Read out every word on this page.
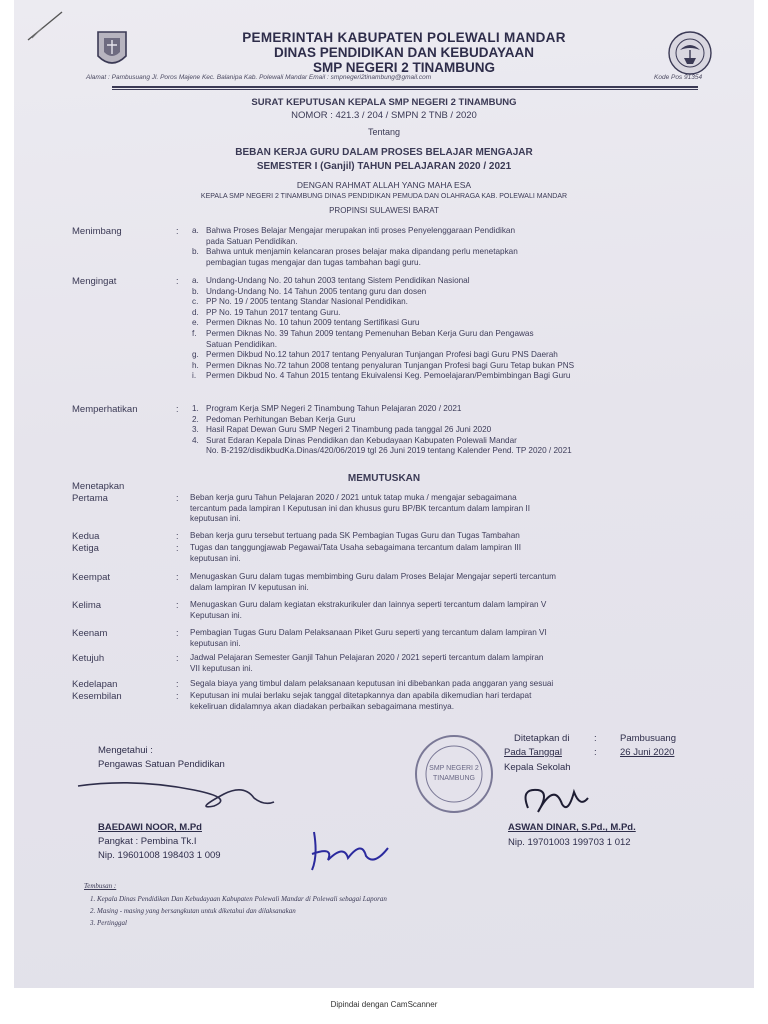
PEMERINTAH KABUPATEN POLEWALI MANDAR
DINAS PENDIDIKAN DAN KEBUDAYAAN
SMP NEGERI 2 TINAMBUNG
Alamat : Pambusuang Jl. Poros Majene Kec. Balanipa Kab. Polewali Mandar Email : smpnegeri2tinambung@gmail.com	Kode Pos 91354
SURAT KEPUTUSAN KEPALA SMP NEGERI 2 TINAMBUNG
NOMOR : 421.3 / 204 / SMPN 2 TNB / 2020
Tentang
BEBAN KERJA GURU DALAM PROSES BELAJAR MENGAJAR
SEMESTER I (Ganjil) TAHUN PELAJARAN 2020 / 2021
DENGAN RAHMAT ALLAH YANG MAHA ESA
KEPALA SMP NEGERI 2 TINAMBUNG DINAS PENDIDIKAN PEMUDA DAN OLAHRAGA KAB. POLEWALI MANDAR
PROPINSI SULAWESI BARAT
Menimbang	: a. Bahwa Proses Belajar Mengajar merupakan inti proses Penyelenggaraan Pendidikan
pada Satuan Pendidikan.
b. Bahwa untuk menjamin kelancaran proses belajar maka dipandang perlu menetapkan
pembagian tugas mengajar dan tugas tambahan bagi guru.
Mengingat	: a. Undang-Undang No. 20 tahun 2003 tentang Sistem Pendidikan Nasional
b. Undang-Undang No. 14 Tahun 2005 tentang guru dan dosen
c. PP No. 19 / 2005 tentang Standar Nasional Pendidikan.
d. PP No. 19 Tahun 2017 tentang Guru.
e. Permen Diknas No. 10 tahun 2009 tentang Sertifikasi Guru
f. Permen Diknas No. 39 Tahun 2009 tentang Pemenuhan Beban Kerja Guru dan Pengawas
Satuan Pendidikan.
g. Permen Dikbud No.12 tahun 2017 tentang Penyaluran Tunjangan Profesi bagi Guru PNS Daerah
h. Permen Diknas No.72 tahun 2008 tentang penyaluran Tunjangan Profesi bagi Guru Tetap bukan PNS
i. Permen Dikbud No. 4 Tahun 2015 tentang Ekuivalensi Keg. Pemoelajaran/Pembimbingan Bagi Guru
Memperhatikan	: 1. Program Kerja SMP Negeri 2 Tinambung Tahun Pelajaran 2020 / 2021
2. Pedoman Perhitungan Beban Kerja Guru
3. Hasil Rapat Dewan Guru SMP Negeri 2 Tinambung pada tanggal 26 Juni 2020
4. Surat Edaran Kepala Dinas Pendidikan dan Kebudayaan Kabupaten Polewali Mandar
No. B-2192/disdikbudKa.Dinas/420/06/2019 tgl 26 Juni 2019 tentang Kalender Pend. TP 2020 / 2021
Menetapkan
Pertama	: Beban kerja guru Tahun Pelajaran 2020 / 2021 untuk tatap muka / mengajar sebagaimana
tercantum pada lampiran I Keputusan ini dan khusus guru BP/BK tercantum dalam lampiran II
keputusan ini.
Kedua	: Beban kerja guru tersebut tertuang pada SK Pembagian Tugas Guru dan Tugas Tambahan
Ketiga	: Tugas dan tanggungjawab Pegawai/Tata Usaha sebagaimana tercantum dalam lampiran III
keputusan ini.
Keempat	: Menugaskan Guru dalam tugas membimbing Guru dalam Proses Belajar Mengajar seperti tercantum
dalam lampiran IV keputusan ini.
Kelima	: Menugaskan Guru dalam kegiatan ekstrakurikuler dan lainnya seperti tercantum dalam lampiran V
Keputusan ini.
Keenam	: Pembagian Tugas Guru Dalam Pelaksanaan Piket Guru seperti yang tercantum dalam lampiran VI
keputusan ini.
Ketujuh	: Jadwal Pelajaran Semester Ganjil Tahun Pelajaran 2020 / 2021 seperti tercantum dalam lampiran
VII keputusan ini.
Kedelapan	: Segala biaya yang timbul dalam pelaksanaan keputusan ini dibebankan pada anggaran yang sesuai
Kesembilan	: Keputusan ini mulai berlaku sejak tanggal ditetapkannya dan apabila dikemudian hari terdapat
kekeliruan didalamnya akan diadakan perbaikan sebagaimana mestinya.
MEMUTUSKAN
Ditetapkan di	: Pambusuang
Pada Tanggal	: 26 Juni 2020
Kepala Sekolah
Mengetahui :
Pengawas Satuan Pendidikan	SMP NEGERI 2
TINAMBUNG
BAEDAWI NOOR, M.Pd
Pangkat : Pembina Tk.I
Nip. 19601008 198403 1 009
ASWAN DINAR, S.Pd., M.Pd.
Nip. 19701003 199703 1 012
Tembusan :
1. Kepala Dinas Pendidikan Dan Kebudayaan Kabupaten Polewali Mandar di Polewali sebagai Laporan
2. Masing - masing yang bersangkutan untuk diketahui dan dilaksanakan
3. Pertinggal
Dipindai dengan CamScanner
